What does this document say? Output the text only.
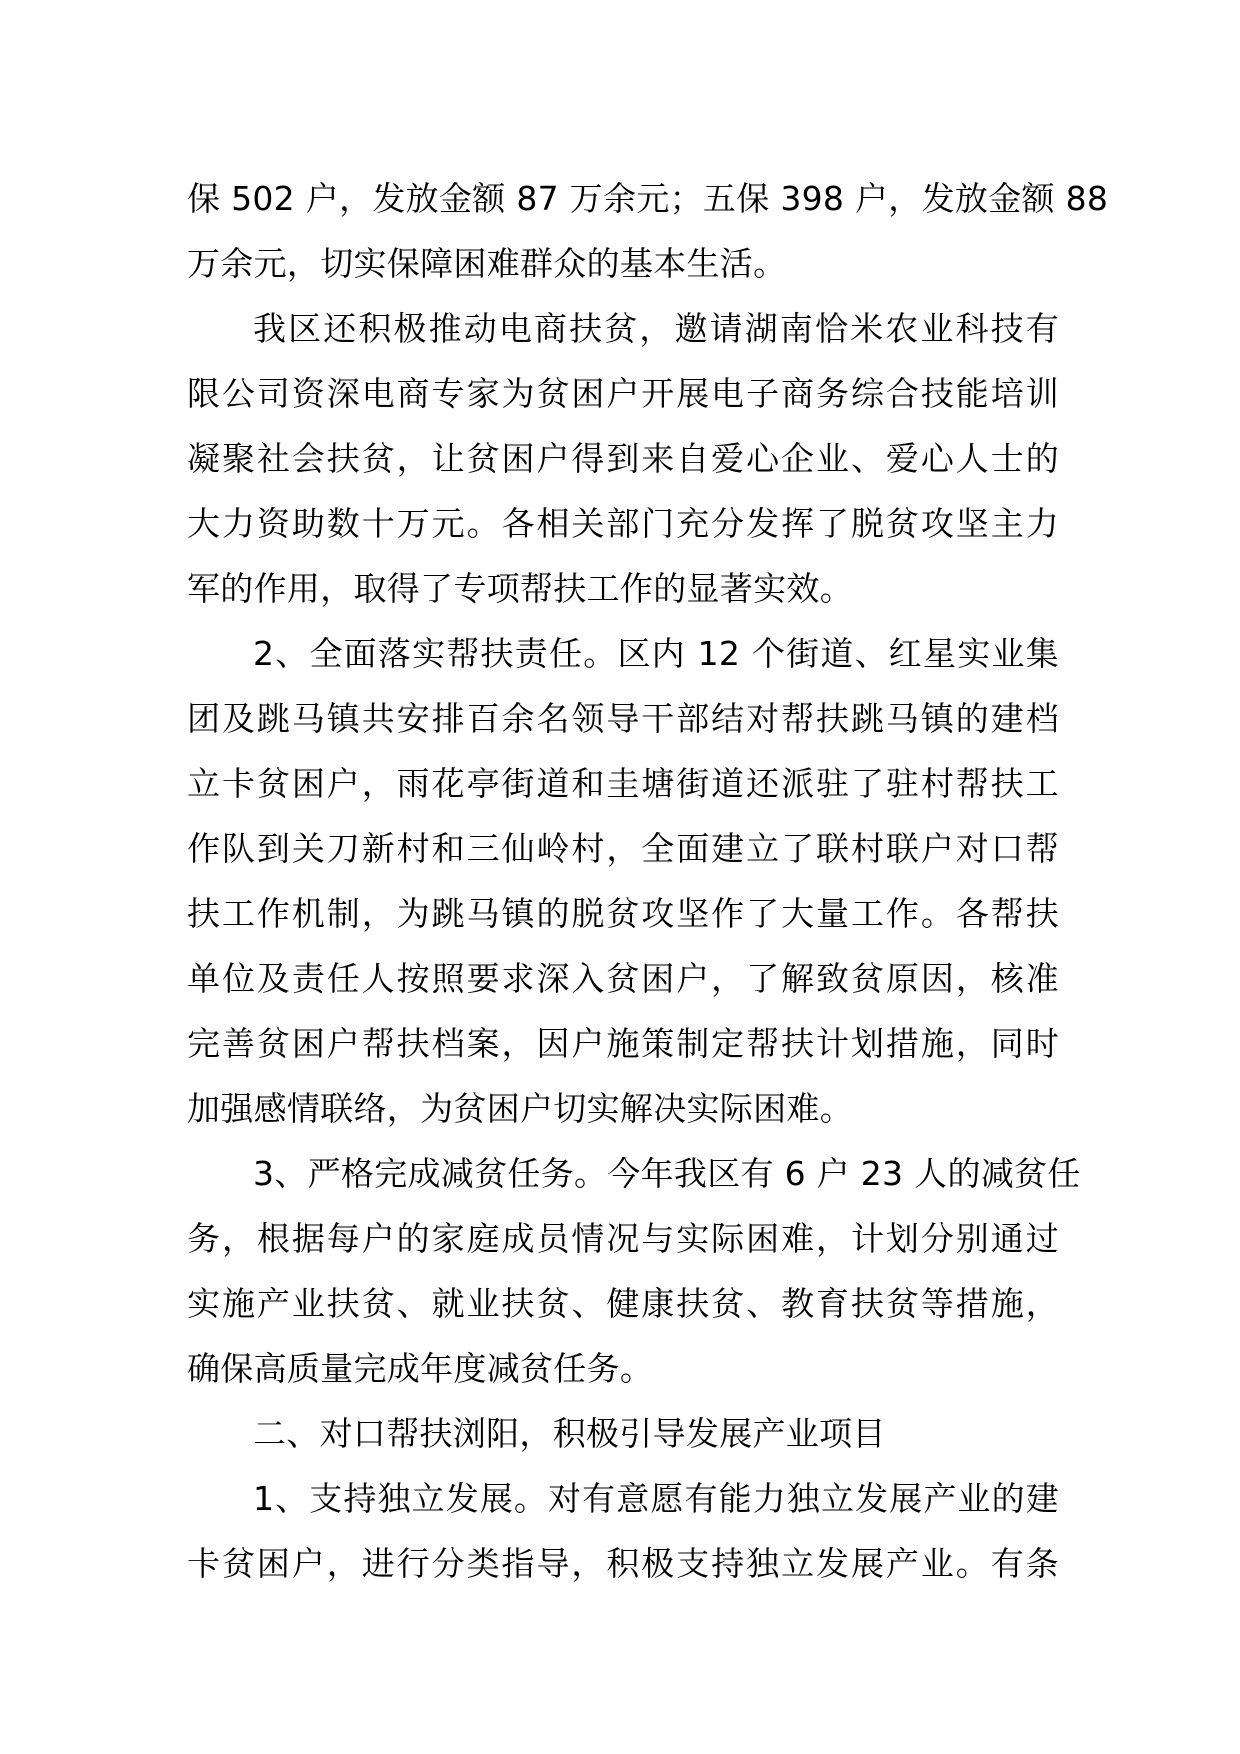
保 502 户，发放金额 87 万余元；五保 398 户，发放金额 88
万余元，切实保障困难群众的基本生活。
我区还积极推动电商扶贫，邀请湖南恰米农业科技有
限公司资深电商专家为贫困户开展电子商务综合技能培训
凝聚社会扶贫，让贫困户得到来自爱心企业、爱心人士的
大力资助数十万元。各相关部门充分发挥了脱贫攻坚主力
军的作用，取得了专项帮扶工作的显著实效。
2、全面落实帮扶责任。区内 12 个街道、红星实业集
团及跳马镇共安排百余名领导干部结对帮扶跳马镇的建档
立卡贫困户，雨花亭街道和圭塘街道还派驻了驻村帮扶工
作队到关刀新村和三仙岭村，全面建立了联村联户对口帮
扶工作机制，为跳马镇的脱贫攻坚作了大量工作。各帮扶
单位及责任人按照要求深入贫困户，了解致贫原因，核准
完善贫困户帮扶档案，因户施策制定帮扶计划措施，同时
加强感情联络，为贫困户切实解决实际困难。
3、严格完成减贫任务。今年我区有 6 户 23 人的减贫任
务，根据每户的家庭成员情况与实际困难，计划分别通过
实施产业扶贫、就业扶贫、健康扶贫、教育扶贫等措施，
确保高质量完成年度减贫任务。
二、对口帮扶浏阳，积极引导发展产业项目
1、支持独立发展。对有意愿有能力独立发展产业的建
卡贫困户，进行分类指导，积极支持独立发展产业。有条
